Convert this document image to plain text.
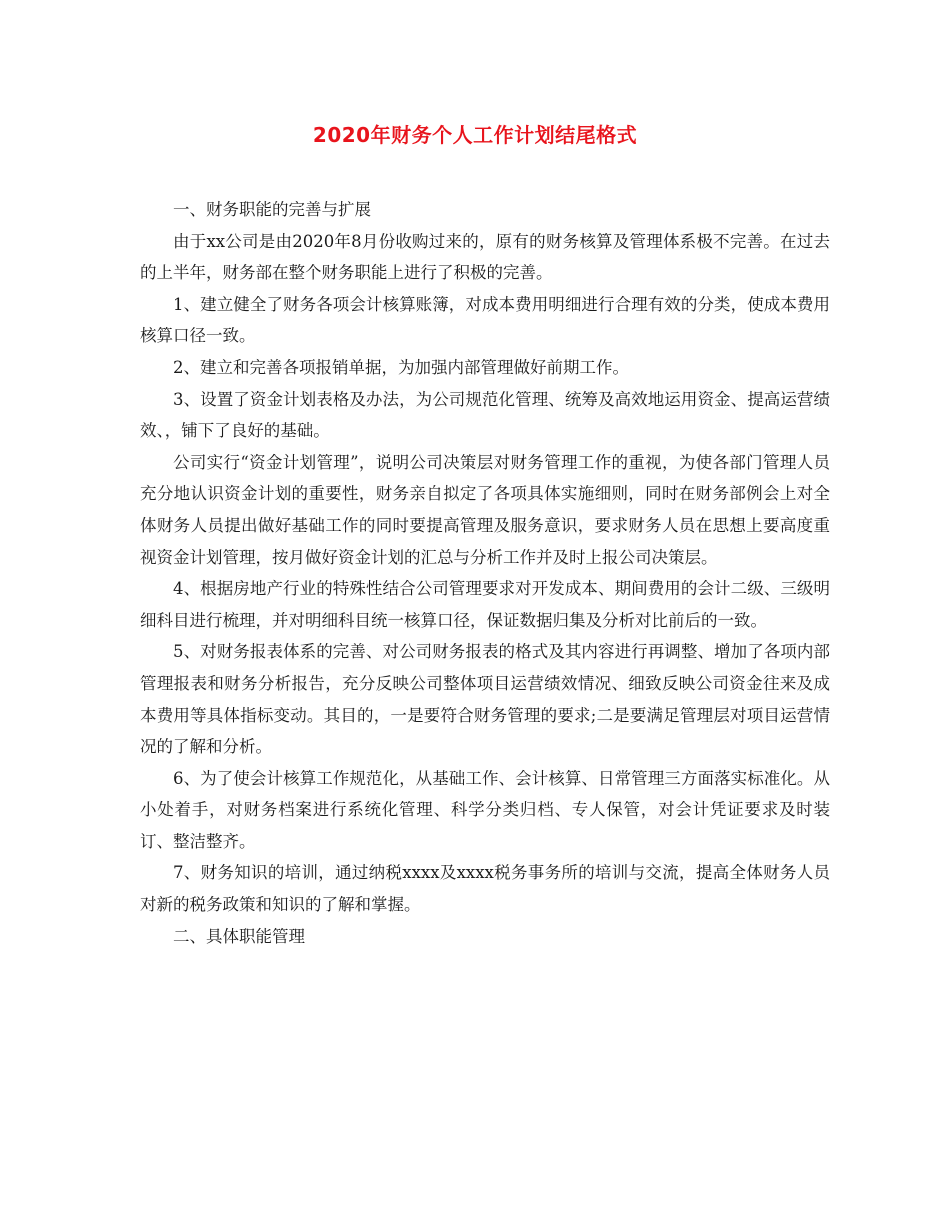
2020年财务个人工作计划结尾格式

一、财务职能的完善与扩展

由于xx公司是由2020年8月份收购过来的，原有的财务核算及管理体系极不完善。在过去的上半年，财务部在整个财务职能上进行了积极的完善。

1、建立健全了财务各项会计核算账簿，对成本费用明细进行合理有效的分类，使成本费用核算口径一致。

2、建立和完善各项报销单据，为加强内部管理做好前期工作。

3、设置了资金计划表格及办法，为公司规范化管理、统筹及高效地运用资金、提高运营绩效、，铺下了良好的基础。

公司实行“资金计划管理”，说明公司决策层对财务管理工作的重视，为使各部门管理人员充分地认识资金计划的重要性，财务亲自拟定了各项具体实施细则，同时在财务部例会上对全体财务人员提出做好基础工作的同时要提高管理及服务意识，要求财务人员在思想上要高度重视资金计划管理，按月做好资金计划的汇总与分析工作并及时上报公司决策层。

4、根据房地产行业的特殊性结合公司管理要求对开发成本、期间费用的会计二级、三级明细科目进行梳理，并对明细科目统一核算口径，保证数据归集及分析对比前后的一致。

5、对财务报表体系的完善、对公司财务报表的格式及其内容进行再调整、增加了各项内部管理报表和财务分析报告，充分反映公司整体项目运营绩效情况、细致反映公司资金往来及成本费用等具体指标变动。其目的，一是要符合财务管理的要求;二是要满足管理层对项目运营情况的了解和分析。

6、为了使会计核算工作规范化，从基础工作、会计核算、日常管理三方面落实标准化。从小处着手，对财务档案进行系统化管理、科学分类归档、专人保管，对会计凭证要求及时装订、整洁整齐。

7、财务知识的培训，通过纳税xxxx及xxxx税务事务所的培训与交流，提高全体财务人员对新的税务政策和知识的了解和掌握。

二、具体职能管理
